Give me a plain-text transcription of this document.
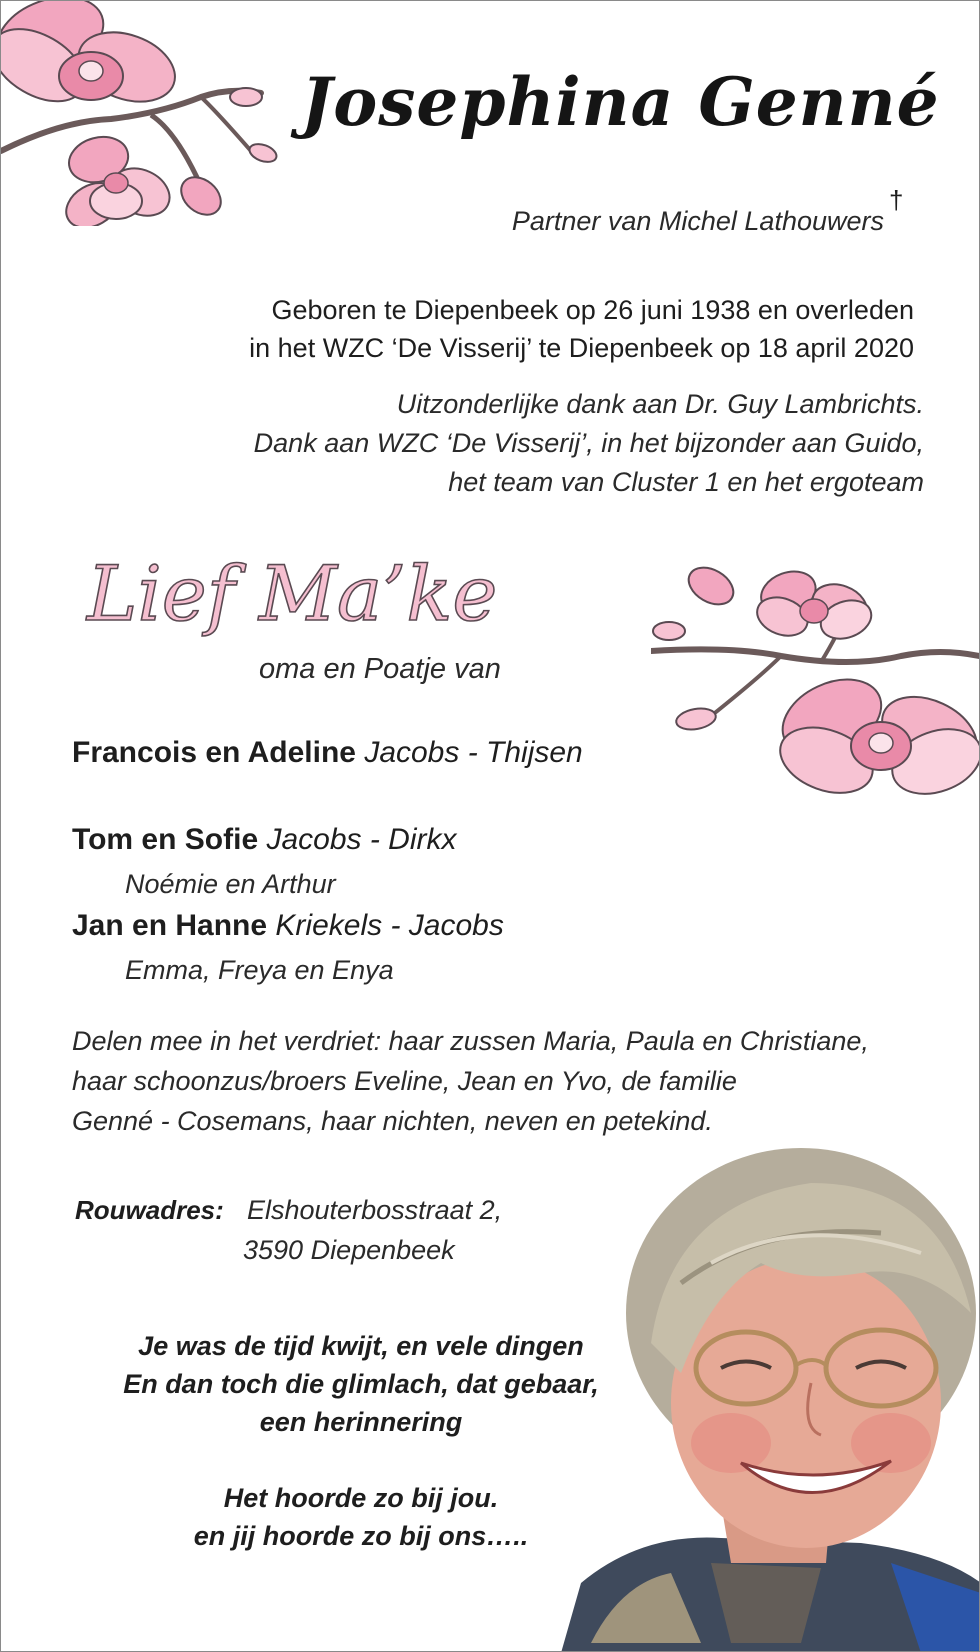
Josephina Genné
Partner van Michel Lathouwers
†
Geboren te Diepenbeek op 26 juni 1938 en overleden
in het WZC ‘De Visserij’ te Diepenbeek op 18 april 2020
Uitzonderlijke dank aan Dr. Guy Lambrichts.
Dank aan WZC ‘De Visserij’, in het bijzonder aan Guido,
het team van Cluster 1 en het ergoteam
Lief Ma’ke
oma en Poatje van
Francois en Adeline Jacobs - Thijsen
Tom en Sofie Jacobs - Dirkx
Noémie en Arthur
Jan en Hanne Kriekels - Jacobs
Emma, Freya en Enya
Delen mee in het verdriet: haar zussen Maria, Paula en Christiane,
haar schoonzus/broers Eveline, Jean en Yvo, de familie
Genné - Cosemans, haar nichten, neven en petekind.
Rouwadres: Elshouterbosstraat 2,
3590 Diepenbeek
Je was de tijd kwijt, en vele dingen
En dan toch die glimlach, dat gebaar,
een herinnering
Het hoorde zo bij jou.
en jij hoorde zo bij ons…..
